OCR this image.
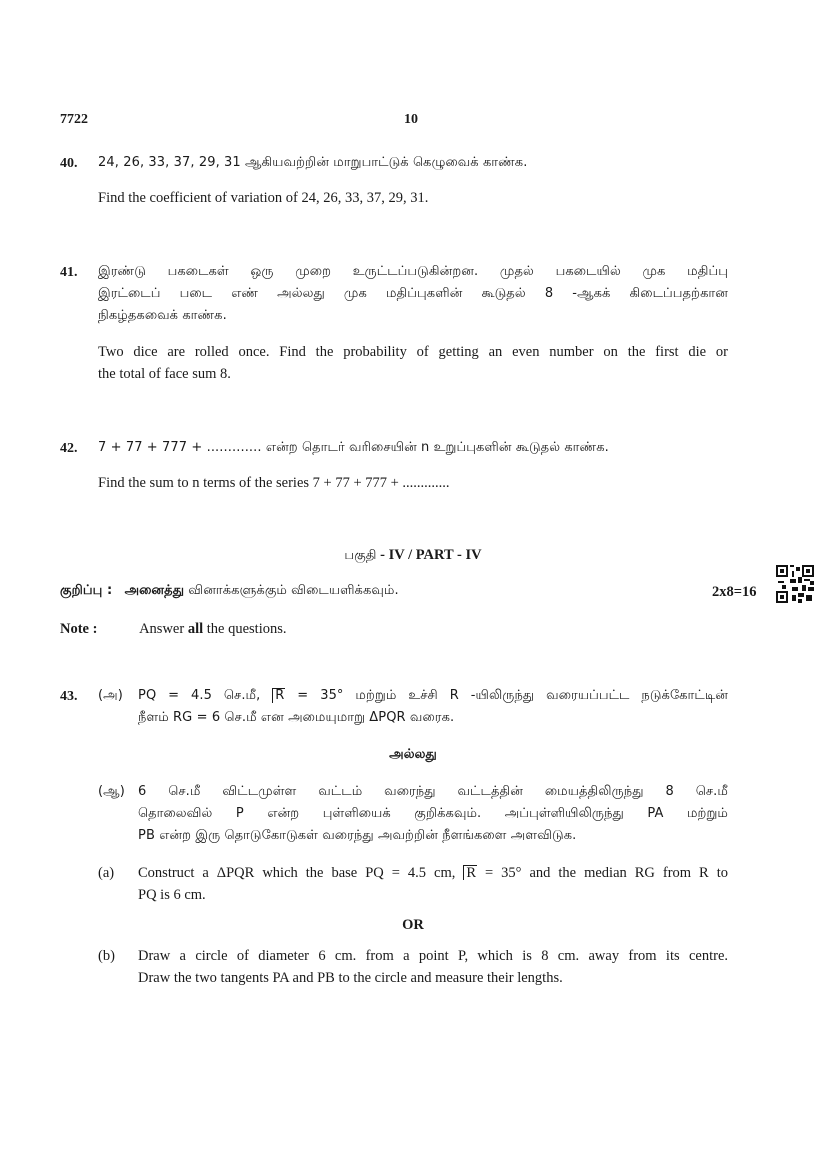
7722	10
40. 24, 26, 33, 37, 29, 31 ஆகியவற்றின் மாறுபாட்டுக் கெழுவைக் காண்க.
Find the coefficient of variation of 24, 26, 33, 37, 29, 31.
41. இரண்டு பகடைகள் ஒரு முறை உருட்டப்படுகின்றன. முதல் பகடையில் முக மதிப்பு
இரட்டைப் படை எண் அல்லது முக மதிப்புகளின் கூடுதல் 8 -ஆகக் கிடைப்பதற்கான
நிகழ்தகவைக் காண்க.
Two dice are rolled once. Find the probability of getting an even number on the first die or
the total of face sum 8.
42. 7 + 77 + 777 + ............. என்ற தொடர் வரிசையின் n உறுப்புகளின் கூடுதல் காண்க.
Find the sum to n terms of the series 7 + 77 + 777 + .............
பகுதி - IV / PART - IV
குறிப்பு : அனைத்து வினாக்களுக்கும் விடையளிக்கவும்.	2x8=16
Note :	Answer all the questions.
43. (அ) PQ = 4.5 செ.மீ, R = 35° மற்றும் உச்சி R -யிலிருந்து வரையப்பட்ட நடுக்கோட்டின்
நீளம் RG = 6 செ.மீ என அமையுமாறு ΔPQR வரைக.
அல்லது
(ஆ) 6 செ.மீ விட்டமுள்ள வட்டம் வரைந்து வட்டத்தின் மையத்திலிருந்து 8 செ.மீ
தொலைவில் P என்ற புள்ளியைக் குறிக்கவும். அப்புள்ளியிலிருந்து PA மற்றும்
PB என்ற இரு தொடுகோடுகள் வரைந்து அவற்றின் நீளங்களை அளவிடுக.
(a) Construct a ΔPQR which the base PQ = 4.5 cm, R = 35° and the median RG from R to
PQ is 6 cm.
OR
(b) Draw a circle of diameter 6 cm. from a point P, which is 8 cm. away from its centre.
Draw the two tangents PA and PB to the circle and measure their lengths.
